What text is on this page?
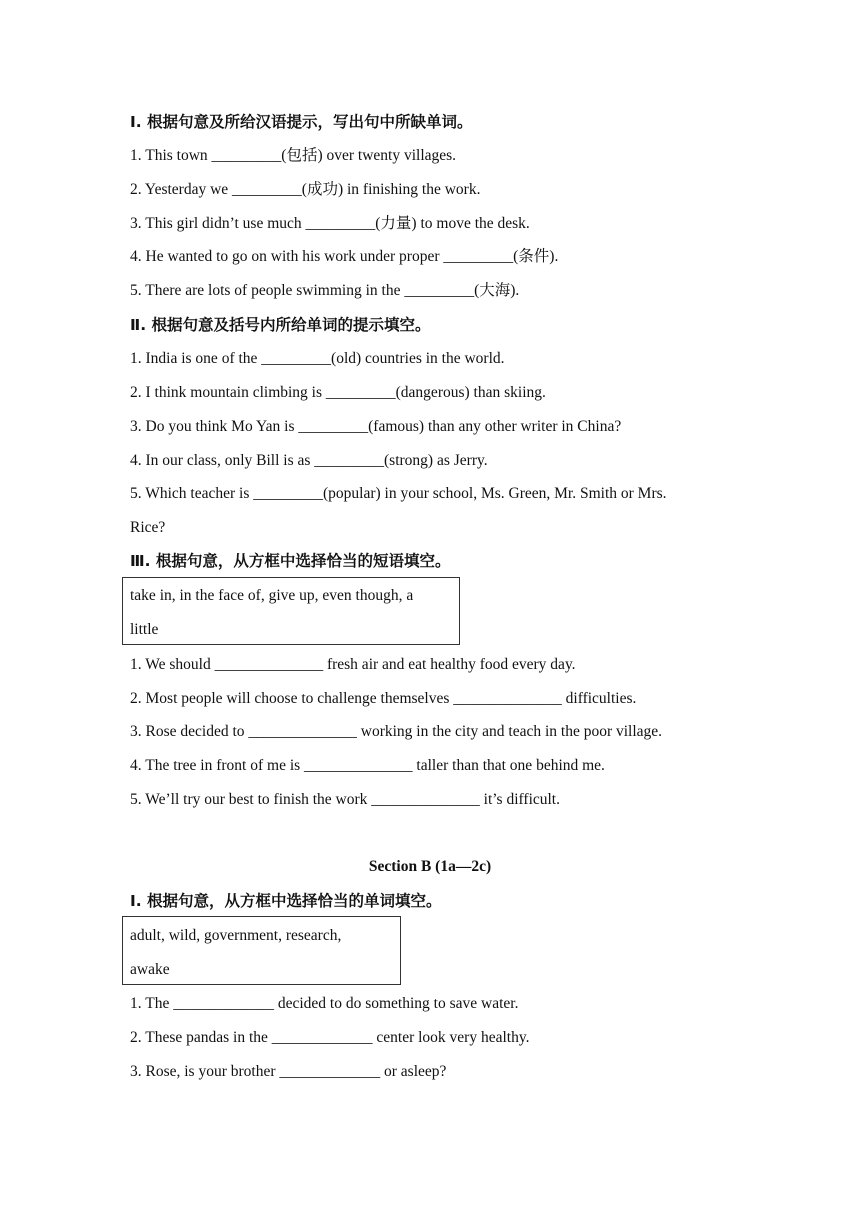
Ⅰ. 根据句意及所给汉语提示，写出句中所缺单词。
1. This town _________(包括) over twenty villages.
2. Yesterday we _________(成功) in finishing the work.
3. This girl didn’t use much _________(力量) to move the desk.
4. He wanted to go on with his work under proper _________(条件).
5. There are lots of people swimming in the _________(大海).
Ⅱ. 根据句意及括号内所给单词的提示填空。
1. India is one of the _________(old) countries in the world.
2. I think mountain climbing is _________(dangerous) than skiing.
3. Do you think Mo Yan is _________(famous) than any other writer in China?
4. In our class, only Bill is as _________(strong) as Jerry.
5. Which teacher is _________(popular) in your school, Ms. Green, Mr. Smith or Mrs.
Rice?
Ⅲ. 根据句意，从方框中选择恰当的短语填空。
take in, in the face of, give up, even though, a
little
1. We should ______________ fresh air and eat healthy food every day.
2. Most people will choose to challenge themselves ______________ difficulties.
3. Rose decided to ______________ working in the city and teach in the poor village.
4. The tree in front of me is ______________ taller than that one behind me.
5. We’ll try our best to finish the work ______________ it’s difficult.
Section B (1a—2c)
Ⅰ. 根据句意，从方框中选择恰当的单词填空。
adult, wild, government, research,
awake
1. The _____________ decided to do something to save water.
2. These pandas in the _____________ center look very healthy.
3. Rose, is your brother _____________ or asleep?
